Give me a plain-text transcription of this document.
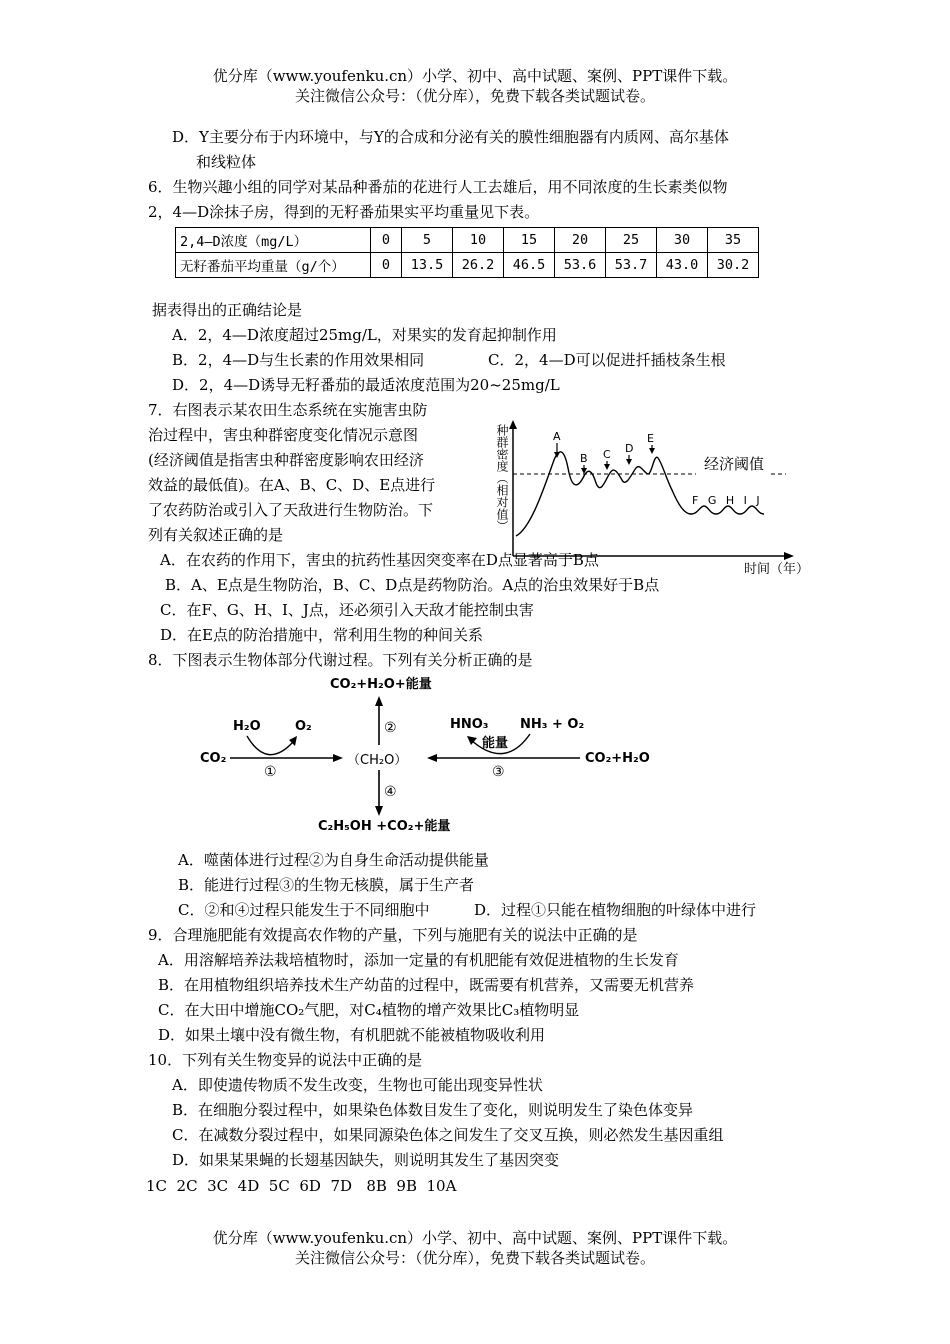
优分库（www.youfenku.cn）小学、初中、高中试题、案例、PPT课件下载。
关注微信公众号：（优分库），免费下载各类试题试卷。
D．Y主要分布于内环境中，与Y的合成和分泌有关的膜性细胞器有内质网、高尔基体
和线粒体
6．生物兴趣小组的同学对某品种番茄的花进行人工去雄后，用不同浓度的生长素类似物
2，4—D涂抹子房，得到的无籽番茄果实平均重量见下表。
2,4—D浓度（mg/L）	0	5	10	15	20	25	30	35
无籽番茄平均重量（g/个）	0	13.5	26.2	46.5	53.6	53.7	43.0	30.2
据表得出的正确结论是
A．2，4—D浓度超过25mg/L，对果实的发育起抑制作用
B．2，4—D与生长素的作用效果相同	C．2，4—D可以促进扦插枝条生根
D．2，4—D诱导无籽番茄的最适浓度范围为20~25mg/L
7．右图表示某农田生态系统在实施害虫防
治过程中，害虫种群密度变化情况示意图
(经济阈值是指害虫种群密度影响农田经济
效益的最低值)。在A、B、C、D、E点进行
了农药防治或引入了天敌进行生物防治。下
列有关叙述正确的是
种群密度（相对值）
时间（年）
经济阈值
A
B C D
E
F G H I J
A．在农药的作用下，害虫的抗药性基因突变率在D点显著高于B点
B．A、E点是生物防治，B、C、D点是药物防治。A点的治虫效果好于B点
C．在F、G、H、I、J点，还必须引入天敌才能控制虫害
D．在E点的防治措施中，常利用生物的种间关系
8．下图表示生物体部分代谢过程。下列有关分析正确的是
CO₂+H₂O+能量
C₂H₅OH +CO₂+能量
（CH₂O）
CO₂
H₂O	O₂
CO₂+H₂O
HNO₃ NH₃ + O₂
能量
①
②
③
④
A．噬菌体进行过程②为自身生命活动提供能量
B．能进行过程③的生物无核膜，属于生产者
C．②和④过程只能发生于不同细胞中	D．过程①只能在植物细胞的叶绿体中进行
9．合理施肥能有效提高农作物的产量，下列与施肥有关的说法中正确的是
A．用溶解培养法栽培植物时，添加一定量的有机肥能有效促进植物的生长发育
B．在用植物组织培养技术生产幼苗的过程中，既需要有机营养，又需要无机营养
C．在大田中增施CO₂气肥，对C₄植物的增产效果比C₃植物明显
D．如果土壤中没有微生物，有机肥就不能被植物吸收利用
10．下列有关生物变异的说法中正确的是
A．即使遗传物质不发生改变，生物也可能出现变异性状
B．在细胞分裂过程中，如果染色体数目发生了变化，则说明发生了染色体变异
C．在减数分裂过程中，如果同源染色体之间发生了交叉互换，则必然发生基因重组
D．如果某果蝇的长翅基因缺失，则说明其发生了基因突变
1C  2C  3C  4D  5C  6D  7D   8B  9B  10A
优分库（www.youfenku.cn）小学、初中、高中试题、案例、PPT课件下载。
关注微信公众号：（优分库），免费下载各类试题试卷。
